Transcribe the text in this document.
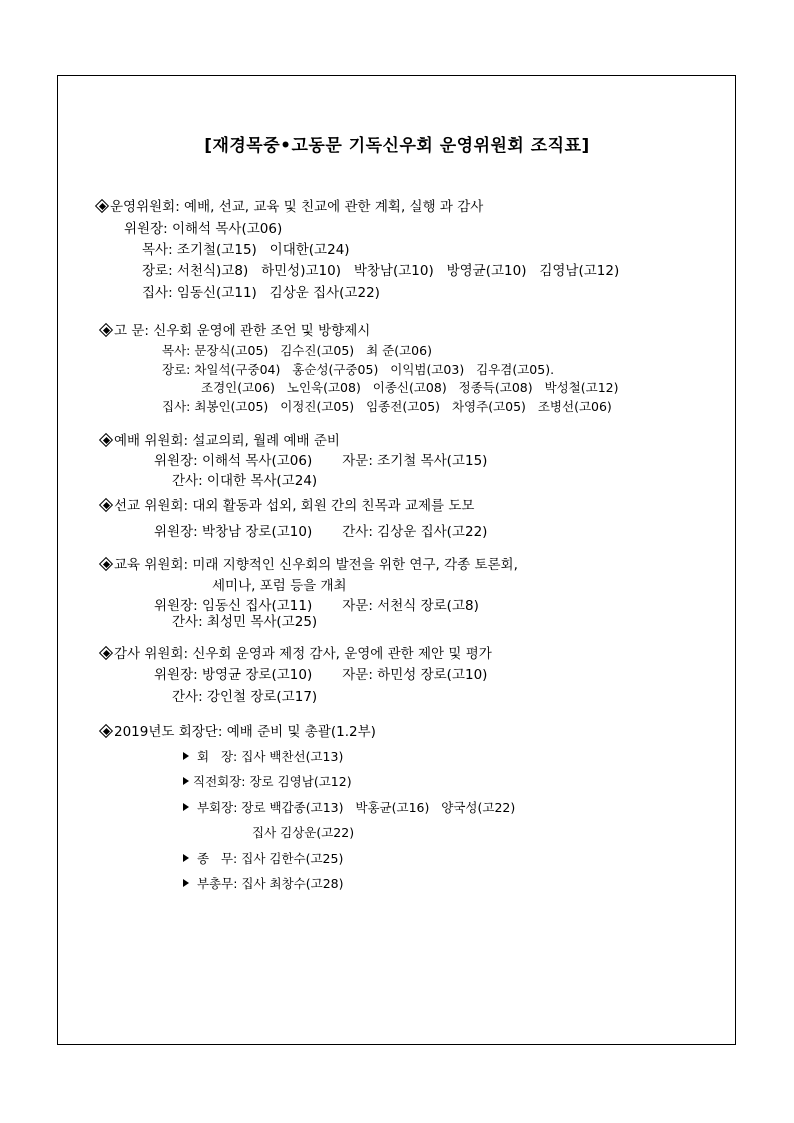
[재경목중•고동문 기독신우회 운영위원회 조직표]
운영위원회: 예배, 선교, 교육 및 친교에 관한 계획, 실행 과 감사
위원장: 이해석 목사(고06)
목사: 조기철(고15)   이대한(고24)
장로: 서천식)고8)   하민성)고10)   박창남(고10)   방영균(고10)   김영남(고12)
집사: 임동신(고11)   김상운 집사(고22)
고 문: 신우회 운영에 관한 조언 및 방향제시
목사: 문장식(고05)   김수진(고05)   최 준(고06)
장로: 차일석(구중04)   홍순성(구중05)   이익범(고03)   김우겸(고05).
조경인(고06)   노인욱(고08)   이종신(고08)   정종득(고08)   박성철(고12)
집사: 최봉인(고05)   이정진(고05)   임종전(고05)   차영주(고05)   조병선(고06)
예배 위원회: 설교의뢰, 월례 예배 준비
위원장: 이해석 목사(고06)       자문: 조기철 목사(고15)
간사: 이대한 목사(고24)
선교 위원회: 대외 활동과 섭외, 회원 간의 친목과 교제를 도모
위원장: 박창남 장로(고10)       간사: 김상운 집사(고22)
교육 위원회: 미래 지향적인 신우회의 발전을 위한 연구, 각종 토론회,
세미나, 포럼 등을 개최
위원장: 임동신 집사(고11)       자문: 서천식 장로(고8)
간사: 최성민 목사(고25)
감사 위원회: 신우회 운영과 제정 감사, 운영에 관한 제안 및 평가
위원장: 방영균 장로(고10)       자문: 하민성 장로(고10)
간사: 강인철 장로(고17)
2019년도 회장단: 예배 준비 및 총괄(1.2부)
회   장: 집사 백찬선(고13)
직전회장: 장로 김영남(고12)
부회장: 장로 백갑종(고13)   박홍균(고16)   양국성(고22)
집사 김상운(고22)
종   무: 집사 김한수(고25)
부총무: 집사 최창수(고28)
